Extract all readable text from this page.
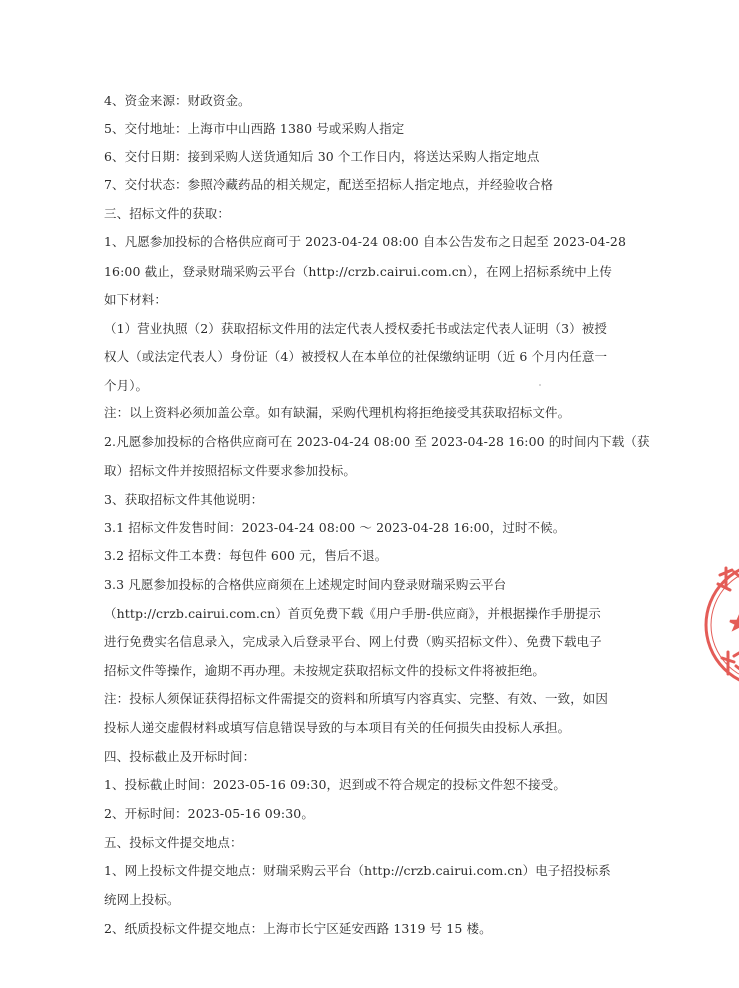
4、资金来源：财政资金。
5、交付地址：上海市中山西路 1380 号或采购人指定
6、交付日期：接到采购人送货通知后 30 个工作日内，将送达采购人指定地点
7、交付状态：参照冷藏药品的相关规定，配送至招标人指定地点，并经验收合格
三、招标文件的获取：
1、凡愿参加投标的合格供应商可于 2023-04-24 08:00 自本公告发布之日起至 2023-04-28
16:00 截止，登录财瑞采购云平台（http://crzb.cairui.com.cn），在网上招标系统中上传
如下材料：
（1）营业执照（2）获取招标文件用的法定代表人授权委托书或法定代表人证明（3）被授
权人（或法定代表人）身份证（4）被授权人在本单位的社保缴纳证明（近 6 个月内任意一
个月）。
注：以上资料必须加盖公章。如有缺漏，采购代理机构将拒绝接受其获取招标文件。
2.凡愿参加投标的合格供应商可在 2023-04-24 08:00 至 2023-04-28 16:00 的时间内下载（获
取）招标文件并按照招标文件要求参加投标。
3、获取招标文件其他说明：
3.1 招标文件发售时间：2023-04-24 08:00 ～ 2023-04-28 16:00，过时不候。
3.2 招标文件工本费：每包件 600 元，售后不退。
3.3 凡愿参加投标的合格供应商须在上述规定时间内登录财瑞采购云平台
（http://crzb.cairui.com.cn）首页免费下载《用户手册-供应商》，并根据操作手册提示
进行免费实名信息录入，完成录入后登录平台、网上付费（购买招标文件）、免费下载电子
招标文件等操作，逾期不再办理。未按规定获取招标文件的投标文件将被拒绝。
注：投标人须保证获得招标文件需提交的资料和所填写内容真实、完整、有效、一致，如因
投标人递交虚假材料或填写信息错误导致的与本项目有关的任何损失由投标人承担。
四、投标截止及开标时间：
1、投标截止时间：2023-05-16 09:30，迟到或不符合规定的投标文件恕不接受。
2、开标时间：2023-05-16 09:30。
五、投标文件提交地点：
1、网上投标文件提交地点：财瑞采购云平台（http://crzb.cairui.com.cn）电子招投标系
统网上投标。
2、纸质投标文件提交地点：上海市长宁区延安西路 1319 号 15 楼。
